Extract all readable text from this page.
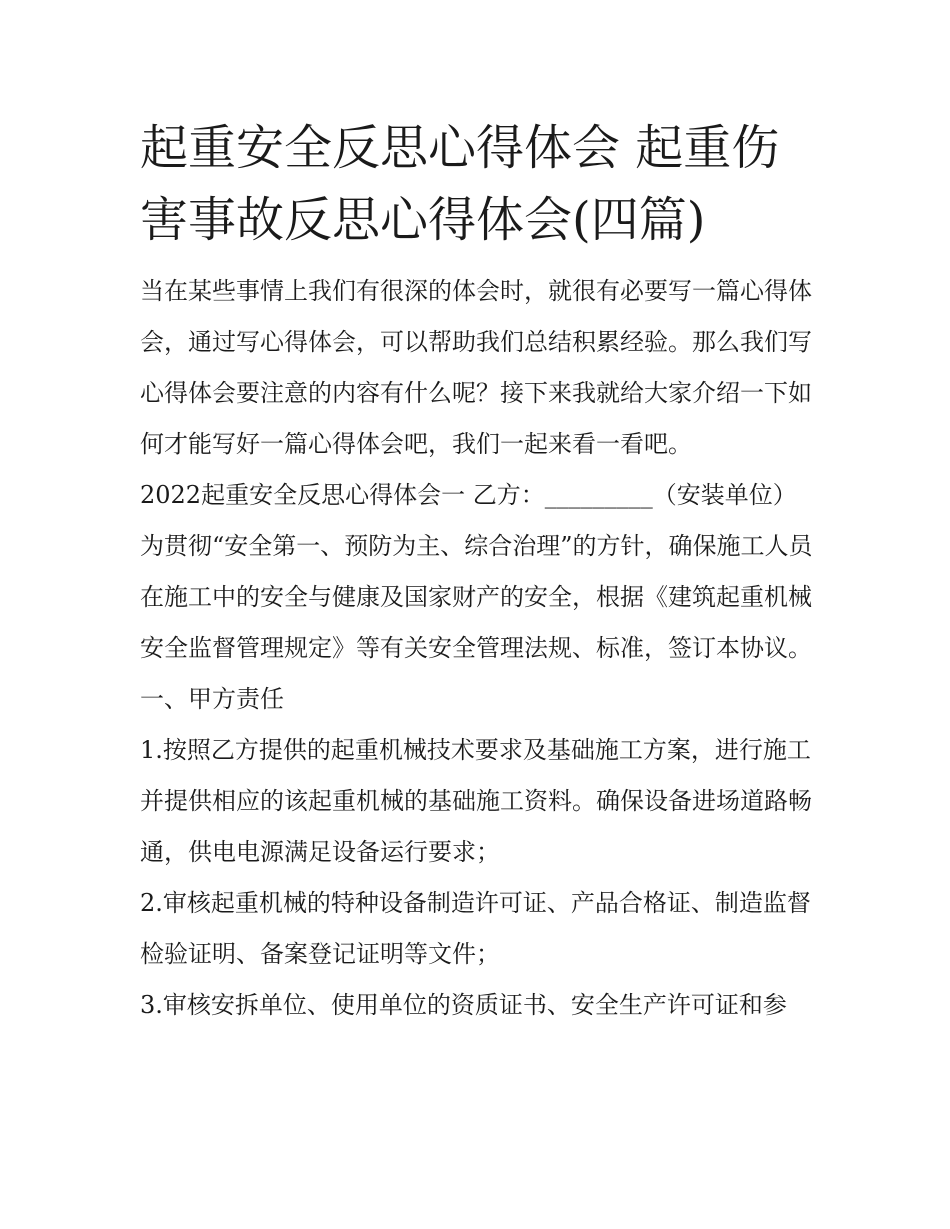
起重安全反思心得体会 起重伤害事故反思心得体会(四篇)

当在某些事情上我们有很深的体会时，就很有必要写一篇心得体会，通过写心得体会，可以帮助我们总结积累经验。那么我们写心得体会要注意的内容有什么呢？接下来我就给大家介绍一下如何才能写好一篇心得体会吧，我们一起来看一看吧。

2022起重安全反思心得体会一 乙方：_________（安装单位）为贯彻“安全第一、预防为主、综合治理”的方针，确保施工人员在施工中的安全与健康及国家财产的安全，根据《建筑起重机械安全监督管理规定》等有关安全管理法规、标准，签订本协议。

一、甲方责任

1.按照乙方提供的起重机械技术要求及基础施工方案，进行施工并提供相应的该起重机械的基础施工资料。确保设备进场道路畅通，供电电源满足设备运行要求；

2.审核起重机械的特种设备制造许可证、产品合格证、制造监督检验证明、备案登记证明等文件；

3.审核安拆单位、使用单位的资质证书、安全生产许可证和参
